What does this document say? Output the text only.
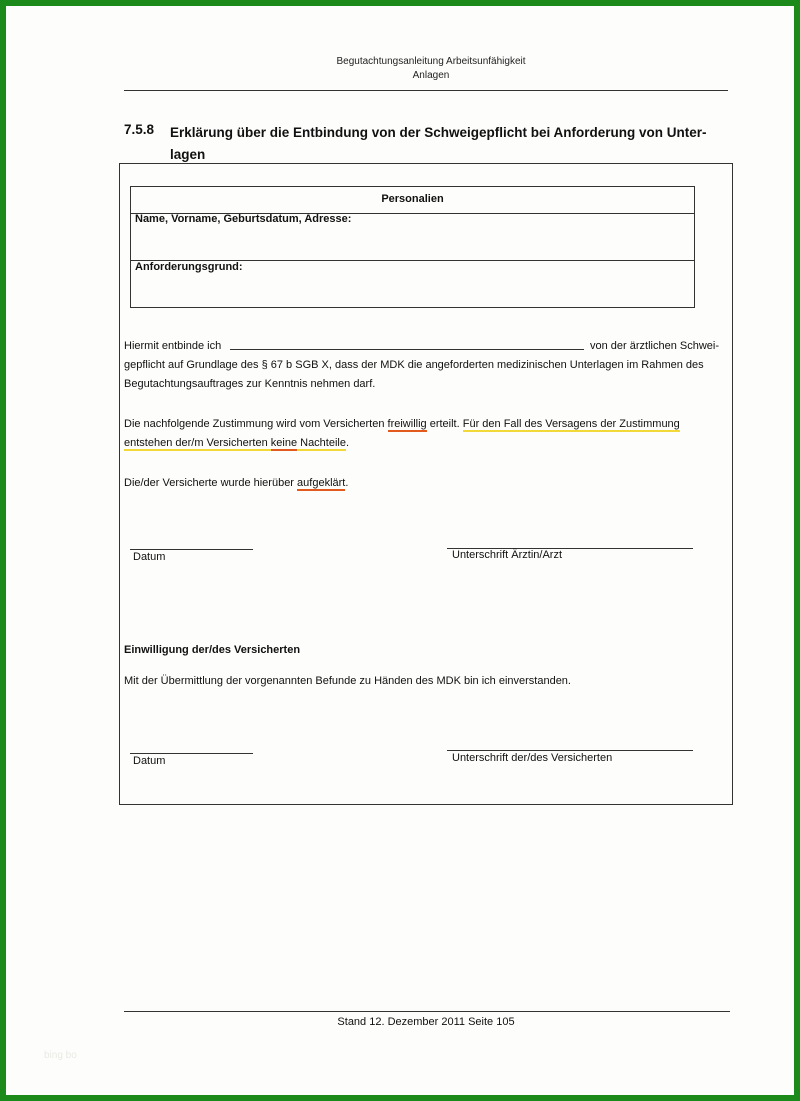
Begutachtungsanleitung Arbeitsunfähigkeit
Anlagen
7.5.8 Erklärung über die Entbindung von der Schweigepflicht bei Anforderung von Unter-lagen
Personalien
Name, Vorname, Geburtsdatum, Adresse:
Anforderungsgrund:
Hiermit entbinde ich	von der ärztlichen Schwei-
gepflicht auf Grundlage des § 67 b SGB X, dass der MDK die angeforderten medizinischen Unterlagen im Rahmen des
Begutachtungsauftrages zur Kenntnis nehmen darf.
Die nachfolgende Zustimmung wird vom Versicherten freiwillig erteilt. Für den Fall des Versagens der Zustimmung
entstehen der/m Versicherten keine Nachteile.
Die/der Versicherte wurde hierüber aufgeklärt.
Datum	Unterschrift Ärztin/Arzt
Einwilligung der/des Versicherten
Mit der Übermittlung der vorgenannten Befunde zu Händen des MDK bin ich einverstanden.
Datum	Unterschrift der/des Versicherten
Stand 12. Dezember 2011 Seite 105
bing bo
